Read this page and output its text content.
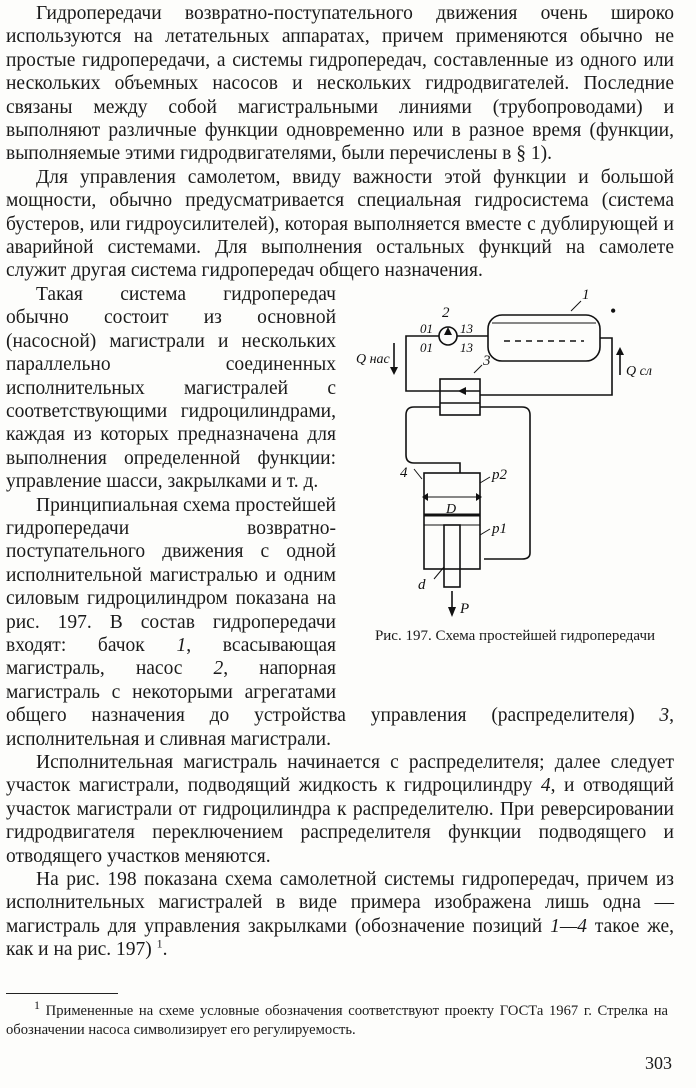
Гидропередачи возвратно-поступательного движения очень широко используются на летательных аппаратах, причем применяются обычно не простые гидропередачи, а системы гидропередач, составленные из одного или нескольких объемных насосов и нескольких гидродвигателей. Последние связаны между собой магистральными линиями (трубопроводами) и выполняют различные функции одновременно или в разное время (функции, выполняемые этими гидродвигателями, были перечислены в § 1).

Для управления самолетом, ввиду важности этой функции и большой мощности, обычно предусматривается специальная гидросистема (система бустеров, или гидроусилителей), которая выполняется вместе с дублирующей и аварийной системами. Для выполнения остальных функций на самолете служит другая система гидропередач общего назначения.

1
•
2
01
01
13
13
3
Q нас
Q сл
4
D
p2
p1
d
P
Рис. 197. Схема простейшей гидропередачи

Такая система гидропередач обычно состоит из основной (насосной) магистрали и нескольких параллельно соединенных исполнительных магистралей с соответствующими гидроцилиндрами, каждая из которых предназначена для выполнения определенной функции: управление шасси, закрылками и т. д.

Принципиальная схема простейшей гидропередачи возвратно-поступательного движения с одной исполнительной магистралью и одним силовым гидроцилиндром показана на рис. 197. В состав гидропередачи входят: бачок 1, всасывающая магистраль, насос 2, напорная магистраль с некоторыми агрегатами общего назначения до устройства управления (распределителя) 3, исполнительная и сливная магистрали.

Исполнительная магистраль начинается с распределителя; далее следует участок магистрали, подводящий жидкость к гидроцилиндру 4, и отводящий участок магистрали от гидроцилиндра к распределителю. При реверсировании гидродвигателя переключением распределителя функции подводящего и отводящего участков меняются.

На рис. 198 показана схема самолетной системы гидропередач, причем из исполнительных магистралей в виде примера изображена лишь одна — магистраль для управления закрылками (обозначение позиций 1—4 такое же, как и на рис. 197) $^1$.

$^1$ Примененные на схеме условные обозначения соответствуют проекту ГОСТа 1967 г. Стрелка на обозначении насоса символизирует его регулируемость.
303
